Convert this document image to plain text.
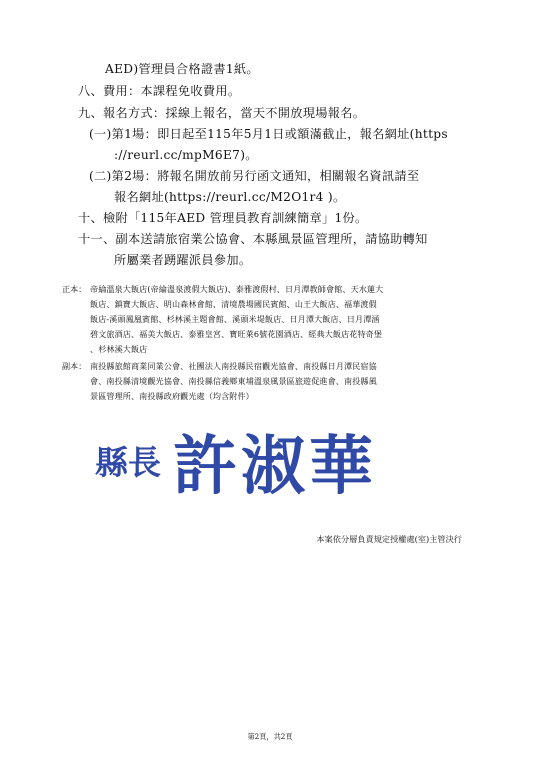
AED)管理員合格證書1紙。
八、費用：本課程免收費用。
九、報名方式：採線上報名，當天不開放現場報名。
(一)第1場：即日起至115年5月1日或額滿截止，報名網址(https
://reurl.cc/mpM6E7)。
(二)第2場：將報名開放前另行函文通知，相關報名資訊請至
報名網址(https://reurl.cc/M2O1r4 )。
十、檢附「115年AED 管理員教育訓練簡章」1份。
十一、副本送請旅宿業公協會、本縣風景區管理所，請協助轉知
所屬業者踴躍派員參加。
正本： 帝綸溫泉大飯店(帝綸溫泉渡假大飯店)、泰雅渡假村、日月潭教師會館、天水蓮大
飯店、鎮寶大飯店、明山森林會館、清境農場國民賓館、山王大飯店、福華渡假
飯店-溪頭鳳凰賓館、杉林溪主題會館、溪頭米堤飯店、日月潭大飯店、日月潭涵
碧文旅酒店、福美大飯店、泰雅皇宮、寶旺萊6號花園酒店、經典大飯店花特奇堡
、杉林溪大飯店
副本： 南投縣旅館商業同業公會、社團法人南投縣民宿觀光協會、南投縣日月潭民宿協
會、南投縣清境觀光協會、南投縣信義鄉東埔溫泉風景區旅遊促進會、南投縣風
景區管理所、南投縣政府觀光處（均含附件）
縣長 許淑華
本案依分層負責規定授權處(室)主管決行
第2頁，共2頁
